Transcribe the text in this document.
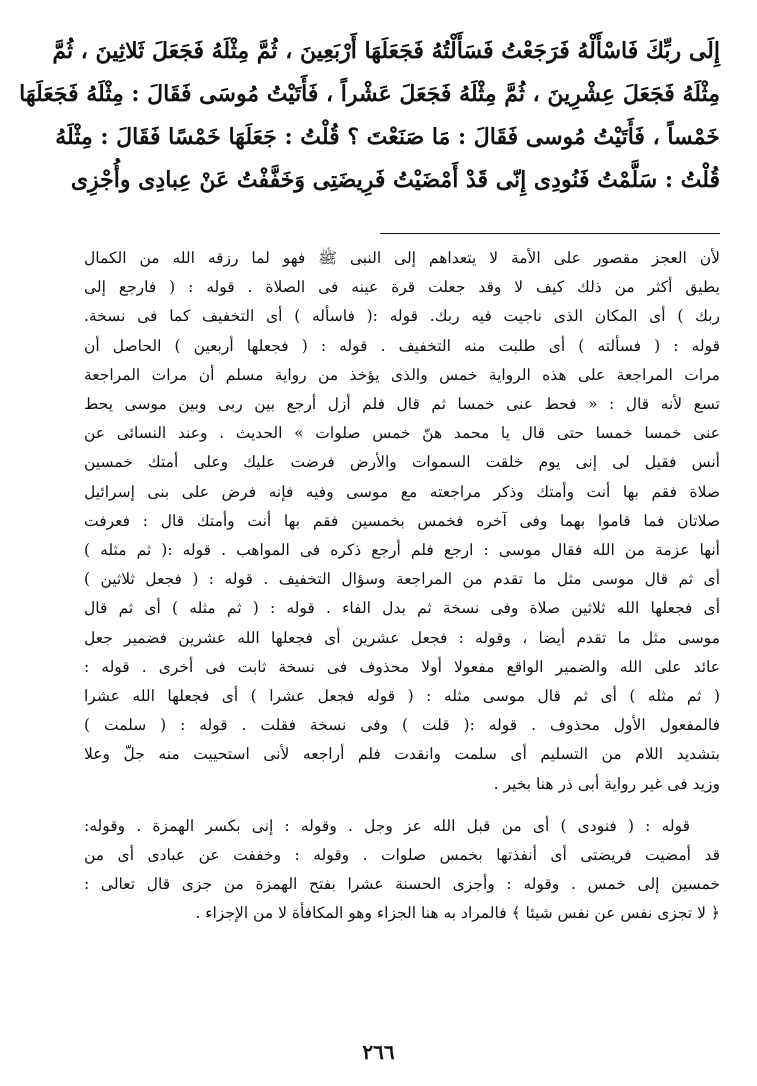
إِلَى ربِّكَ فَاسْأَلْهُ فَرَجَعْتُ فَسَأَلْتُهُ فَجَعَلَهَا أَرْبَعِينَ ، ثُمَّ مِثْلَهُ فَجَعَلَ ثَلاثِينَ ، ثُمَّ
مِثْلَهُ فَجَعَلَ عِشْرِينَ ، ثُمَّ مِثْلَهُ فَجَعَلَ عَشْراً ، فَأَتَيْتُ مُوسَى فَقَالَ : مِثْلَهُ فَجَعَلَهَا
خَمْساً ، فَأَتَيْتُ مُوسى فَقَالَ : مَا صَنَعْتَ ؟ قُلْتُ : جَعَلَهَا خَمْسًا فَقَالَ : مِثْلَهُ
قُلْتُ : سَلَّمْتُ فَنُودِى إِنّى قَدْ أَمْضَيْتُ فَرِيضَتِى وَخَفَّفْتُ عَنْ عِبادِى وأُجْزِى
لأن العجز مقصور على الأمة لا يتعداهم إلى النبى ﷺ فهو لما رزقه الله من الكمال
يطيق أكثر من ذلك كيف لا وقد جعلت قرة عينه فى الصلاة . قوله : ( فارجع إلى
ربك ) أى المكان الذى ناجيت فيه ربك. قوله :( فاسأله ) أى التخفيف كما فى نسخة.
قوله : ( فسألته ) أى طلبت منه التخفيف . قوله : ( فجعلها أربعين ) الحاصل أن
مرات المراجعة على هذه الرواية خمس والذى يؤخذ من رواية مسلم أن مرات المراجعة
تسع لأنه قال : « فحط عنى خمسا ثم قال فلم أزل أرجع بين ربى وبين موسى يحط
عنى خمسا خمسا حتى قال يا محمد هنّ خمس صلوات » الحديث . وعند النسائى عن
أنس فقيل لى إنى يوم خلقت السموات والأرض فرضت عليك وعلى أمتك خمسين
صلاة فقم بها أنت وأمتك وذكر مراجعته مع موسى وفيه فإنه فرض على بنى إسرائيل
صلاتان فما قاموا بهما وفى آخره فخمس بخمسين فقم بها أنت وأمتك قال : فعرفت
أنها عزمة من الله فقال موسى : ارجع فلم أرجع ذكره فى المواهب . قوله :( ثم مثله )
أى ثم قال موسى مثل ما تقدم من المراجعة وسؤال التخفيف . قوله : ( فجعل ثلاثين )
أى فجعلها الله ثلاثين صلاة وفى نسخة ثم بدل الفاء . قوله : ( ثم مثله ) أى ثم قال
موسى مثل ما تقدم أيضا ، وقوله : فجعل عشرين أى فجعلها الله عشرين فضمير جعل
عائد على الله والضمير الواقع مفعولا أولا محذوف فى نسخة ثابت فى أخرى . قوله :
( ثم مثله ) أى ثم قال موسى مثله : ( قوله فجعل عشرا ) أى فجعلها الله عشرا
فالمفعول الأول محذوف . قوله :( قلت ) وفى نسخة فقلت . قوله : ( سلمت )
بتشديد اللام من التسليم أى سلمت وانقدت فلم أراجعه لأنى استحييت منه جلّ وعلا
وزيد فى غير رواية أبى ذر هنا بخير .
قوله : ( فنودى ) أى من قبل الله عز وجل . وقوله : إنى بكسر الهمزة . وقوله:
قد أمضيت فريضتى أى أنفذتها بخمس صلوات . وقوله : وخففت عن عبادى أى من
خمسين إلى خمس . وقوله : وأجزى الحسنة عشرا بفتح الهمزة من جزى قال تعالى :
﴿ لا تجزى نفس عن نفس شيئا ﴾ فالمراد به هنا الجزاء وهو المكافأة لا من الإجزاء .
٢٦٦
